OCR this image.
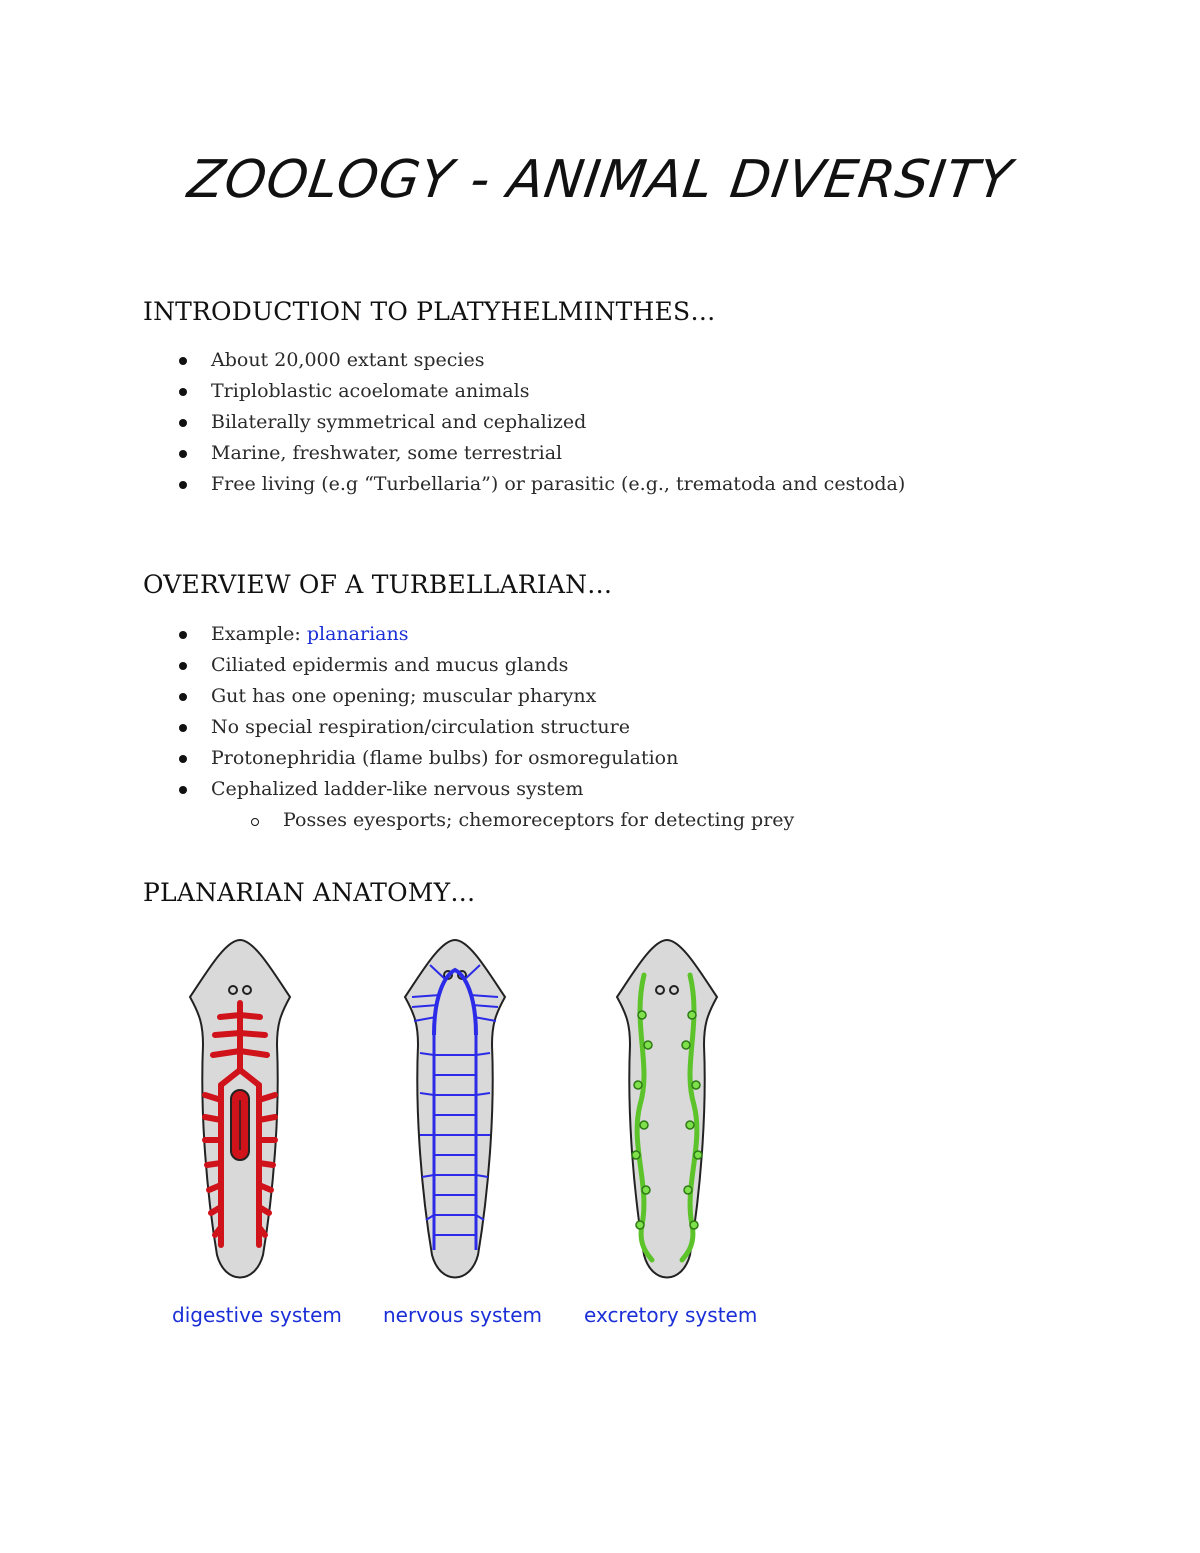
ZOOLOGY - ANIMAL DIVERSITY
INTRODUCTION TO PLATYHELMINTHES…
About 20,000 extant species
Triploblastic acoelomate animals
Bilaterally symmetrical and cephalized
Marine, freshwater, some terrestrial
Free living (e.g “Turbellaria”) or parasitic (e.g., trematoda and cestoda)
OVERVIEW OF A TURBELLARIAN…
Example: planarians
Ciliated epidermis and mucus glands
Gut has one opening; muscular pharynx
No special respiration/circulation structure
Protonephridia (flame bulbs) for osmoregulation
Cephalized ladder-like nervous system
Posses eyesports; chemoreceptors for detecting prey
PLANARIAN ANATOMY…
digestive system nervous system excretory system
